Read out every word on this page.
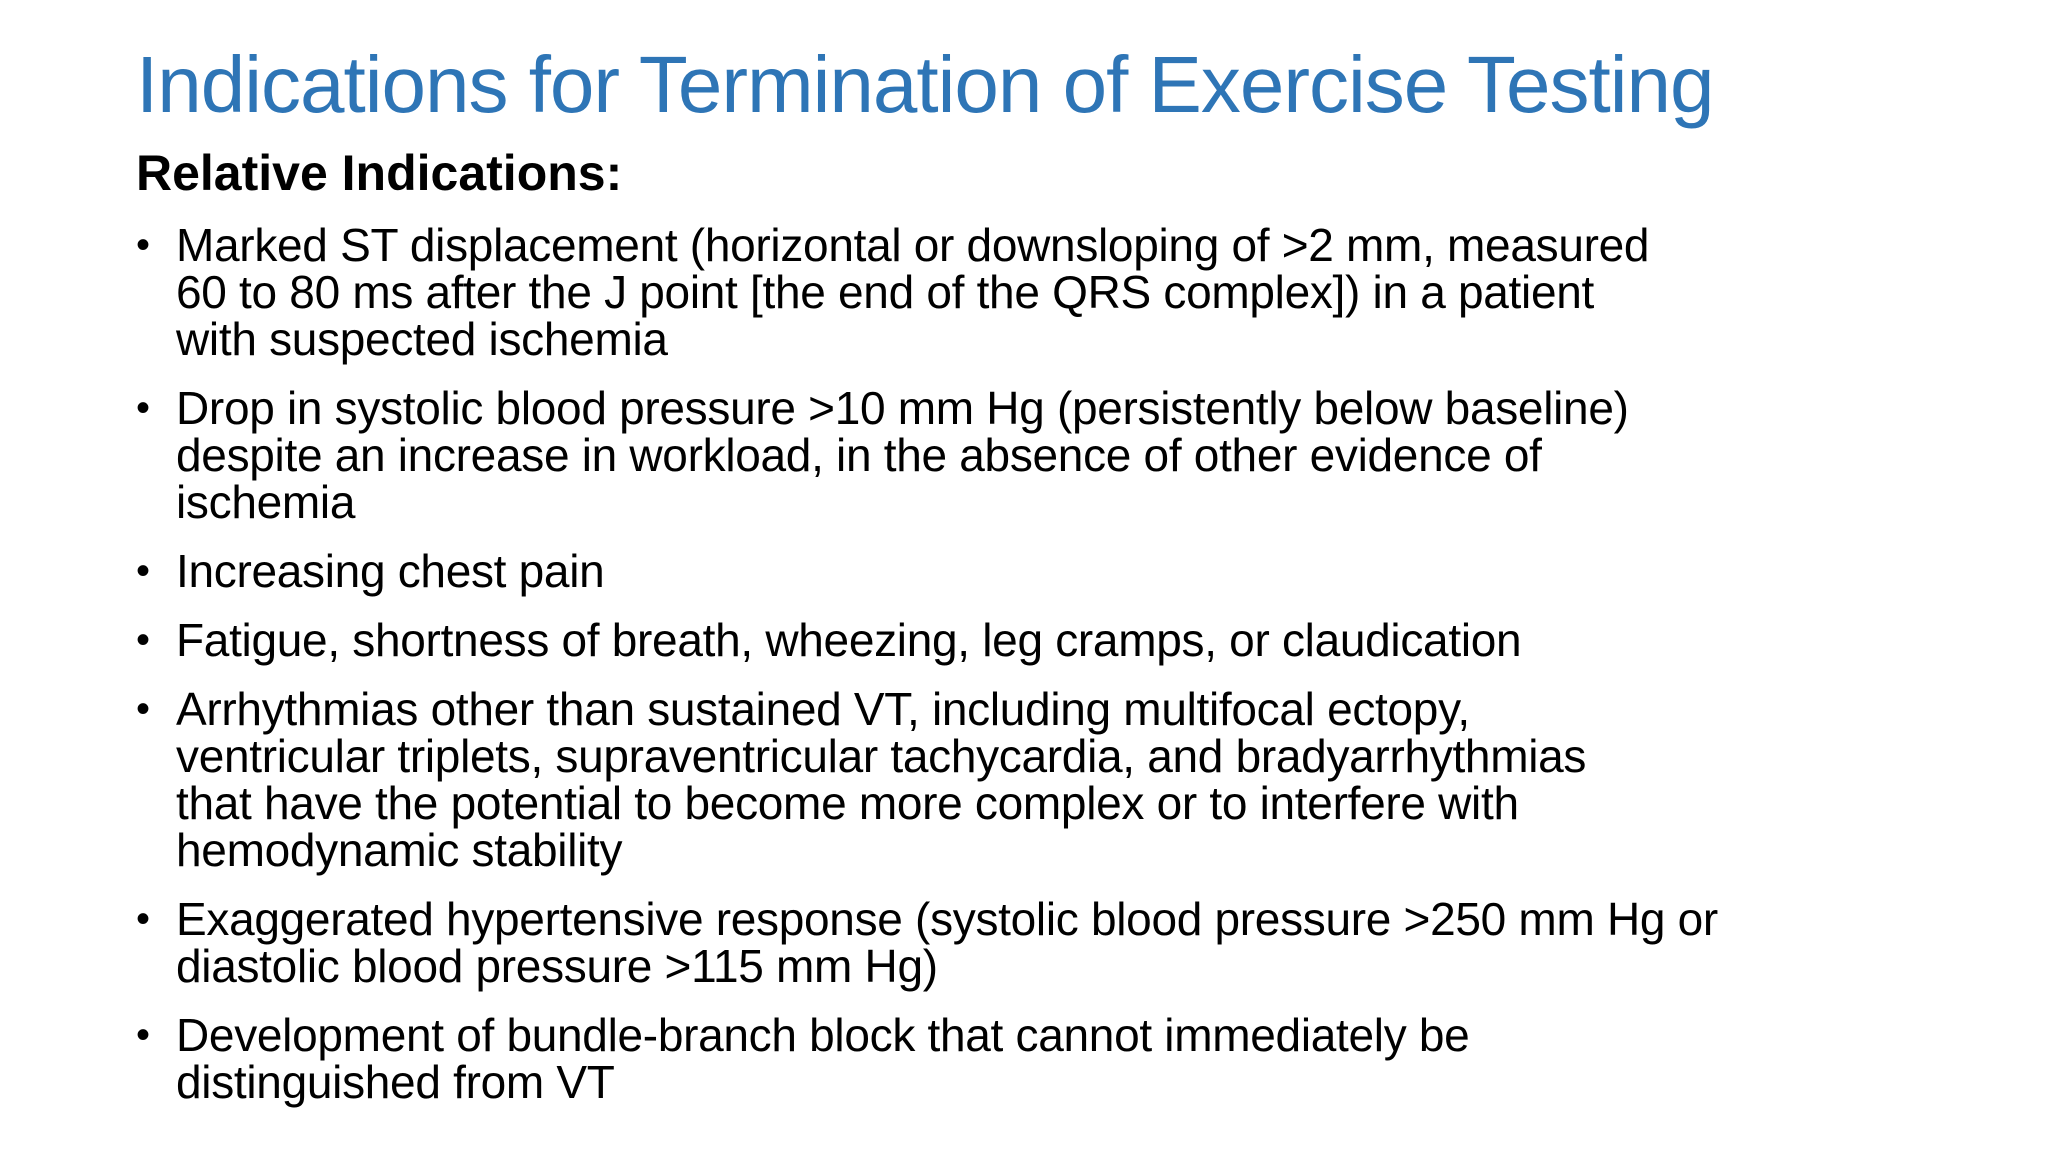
Indications for Termination of Exercise Testing
Relative Indications:
• Marked ST displacement (horizontal or downsloping of >2 mm, measured
60 to 80 ms after the J point [the end of the QRS complex]) in a patient
with suspected ischemia
• Drop in systolic blood pressure >10 mm Hg (persistently below baseline)
despite an increase in workload, in the absence of other evidence of
ischemia
• Increasing chest pain
• Fatigue, shortness of breath, wheezing, leg cramps, or claudication
• Arrhythmias other than sustained VT, including multifocal ectopy,
ventricular triplets, supraventricular tachycardia, and bradyarrhythmias
that have the potential to become more complex or to interfere with
hemodynamic stability
• Exaggerated hypertensive response (systolic blood pressure >250 mm Hg or
diastolic blood pressure >115 mm Hg)
• Development of bundle-branch block that cannot immediately be
distinguished from VT
